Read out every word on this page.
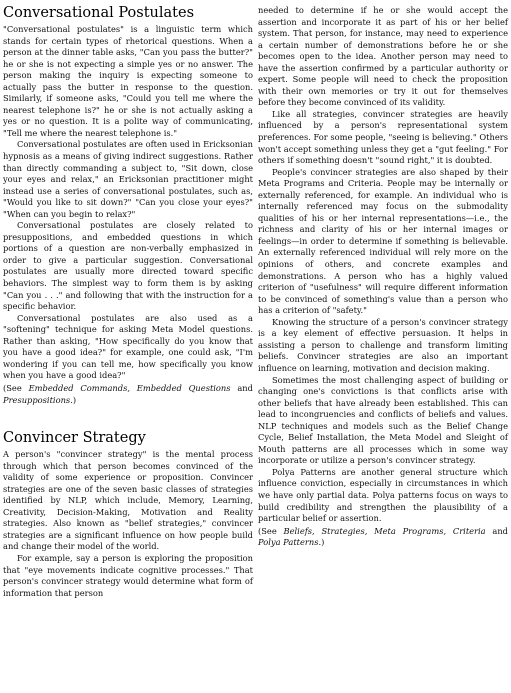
Conversational Postulates

"Conversational postulates" is a linguistic term which stands for certain types of rhetorical questions. When a person at the dinner table asks, "Can you pass the butter?" he or she is not expecting a simple yes or no answer. The person making the inquiry is expecting someone to actually pass the butter in response to the question. Similarly, if someone asks, "Could you tell me where the nearest telephone is?" he or she is not actually asking a yes or no question. It is a polite way of communicating, "Tell me where the nearest telephone is."

Conversational postulates are often used in Ericksonian hypnosis as a means of giving indirect suggestions. Rather than directly commanding a subject to, "Sit down, close your eyes and relax," an Ericksonian practitioner might instead use a series of conversational postulates, such as, "Would you like to sit down?" "Can you close your eyes?" "When can you begin to relax?"

Conversational postulates are closely related to presuppositions, and embedded questions in which portions of a question are non-verbally emphasized in order to give a particular suggestion. Conversational postulates are usually more directed toward specific behaviors. The simplest way to form them is by asking "Can you . . ." and following that with the instruction for a specific behavior.

Conversational postulates are also used as a "softening" technique for asking Meta Model questions. Rather than asking, "How specifically do you know that you have a good idea?" for example, one could ask, "I'm wondering if you can tell me, how specifically you know when you have a good idea?"

(See Embedded Commands, Embedded Questions and Presuppositions.)

Convincer Strategy

A person's "convincer strategy" is the mental process through which that person becomes convinced of the validity of some experience or proposition. Convincer strategies are one of the seven basic classes of strategies identified by NLP, which include, Memory, Learning, Creativity, Decision-Making, Motivation and Reality strategies. Also known as "belief strategies," convincer strategies are a significant influence on how people build and change their model of the world.

For example, say a person is exploring the proposition that "eye movements indicate cognitive processes." That person's convincer strategy would determine what form of information that person

needed to determine if he or she would accept the assertion and incorporate it as part of his or her belief system. That person, for instance, may need to experience a certain number of demonstrations before he or she becomes open to the idea. Another person may need to have the assertion confirmed by a particular authority or expert. Some people will need to check the proposition with their own memories or try it out for themselves before they become convinced of its validity.

Like all strategies, convincer strategies are heavily influenced by a person's representational system preferences. For some people, "seeing is believing." Others won't accept something unless they get a "gut feeling." For others if something doesn't "sound right," it is doubted.

People's convincer strategies are also shaped by their Meta Programs and Criteria. People may be internally or externally referenced, for example. An individual who is internally referenced may focus on the submodality qualities of his or her internal representations—i.e., the richness and clarity of his or her internal images or feelings—in order to determine if something is believable. An externally referenced individual will rely more on the opinions of others, and concrete examples and demonstrations. A person who has a highly valued criterion of "usefulness" will require different information to be convinced of something's value than a person who has a criterion of "safety."

Knowing the structure of a person's convincer strategy is a key element of effective persuasion. It helps in assisting a person to challenge and transform limiting beliefs. Convincer strategies are also an important influence on learning, motivation and decision making.

Sometimes the most challenging aspect of building or changing one's convictions is that conflicts arise with other beliefs that have already been established. This can lead to incongruencies and conflicts of beliefs and values. NLP techniques and models such as the Belief Change Cycle, Belief Installation, the Meta Model and Sleight of Mouth patterns are all processes which in some way incorporate or utilize a person's convincer strategy.

Polya Patterns are another general structure which influence conviction, especially in circumstances in which we have only partial data. Polya patterns focus on ways to build credibility and strengthen the plausibility of a particular belief or assertion.

(See Beliefs, Strategies, Meta Programs, Criteria and Polya Patterns.)
